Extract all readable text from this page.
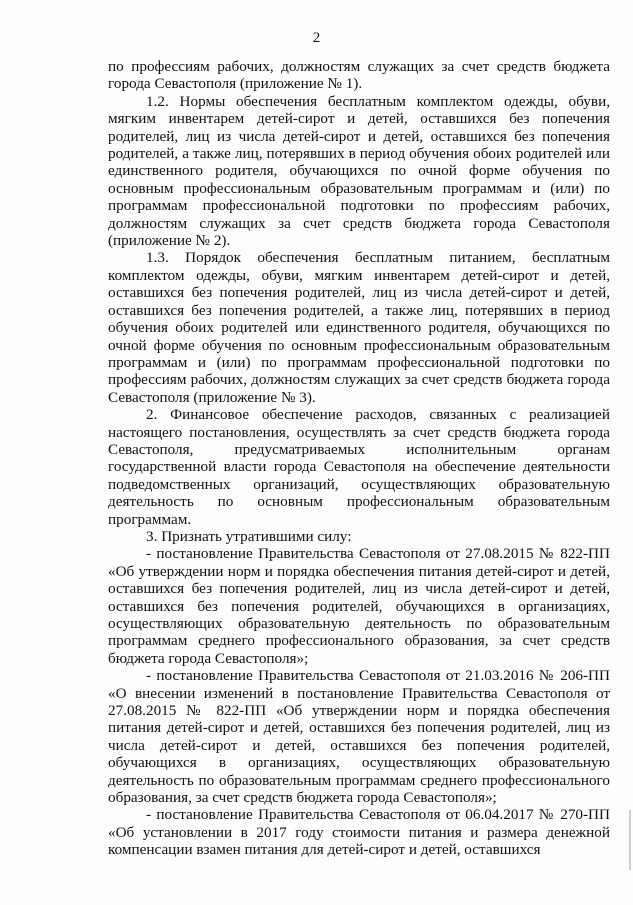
2

по профессиям рабочих, должностям служащих за счет средств бюджета города Севастополя (приложение № 1).

1.2. Нормы обеспечения бесплатным комплектом одежды, обуви, мягким инвентарем детей-сирот и детей, оставшихся без попечения родителей, лиц из числа детей-сирот и детей, оставшихся без попечения родителей, а также лиц, потерявших в период обучения обоих родителей или единственного родителя, обучающихся по очной форме обучения по основным профессиональным образовательным программам и (или) по программам профессиональной подготовки по профессиям рабочих, должностям служащих за счет средств бюджета города Севастополя (приложение № 2).

1.3. Порядок обеспечения бесплатным питанием, бесплатным комплектом одежды, обуви, мягким инвентарем детей-сирот и детей, оставшихся без попечения родителей, лиц из числа детей-сирот и детей, оставшихся без попечения родителей, а также лиц, потерявших в период обучения обоих родителей или единственного родителя, обучающихся по очной форме обучения по основным профессиональным образовательным программам и (или) по программам профессиональной подготовки по профессиям рабочих, должностям служащих за счет средств бюджета города Севастополя (приложение № 3).

2. Финансовое обеспечение расходов, связанных с реализацией настоящего постановления, осуществлять за счет средств бюджета города Севастополя, предусматриваемых исполнительным органам государственной власти города Севастополя на обеспечение деятельности подведомственных организаций, осуществляющих образовательную деятельность по основным профессиональным образовательным программам.

3. Признать утратившими силу:

- постановление Правительства Севастополя от 27.08.2015 № 822-ПП «Об утверждении норм и порядка обеспечения питания детей-сирот и детей, оставшихся без попечения родителей, лиц из числа детей-сирот и детей, оставшихся без попечения родителей, обучающихся в организациях, осуществляющих образовательную деятельность по образовательным программам среднего профессионального образования, за счет средств бюджета города Севастополя»;

- постановление Правительства Севастополя от 21.03.2016 № 206-ПП «О внесении изменений в постановление Правительства Севастополя от 27.08.2015 № 822-ПП «Об утверждении норм и порядка обеспечения питания детей-сирот и детей, оставшихся без попечения родителей, лиц из числа детей-сирот и детей, оставшихся без попечения родителей, обучающихся в организациях, осуществляющих образовательную деятельность по образовательным программам среднего профессионального образования, за счет средств бюджета города Севастополя»;

- постановление Правительства Севастополя от 06.04.2017 № 270-ПП «Об установлении в 2017 году стоимости питания и размера денежной компенсации взамен питания для детей-сирот и детей, оставшихся
